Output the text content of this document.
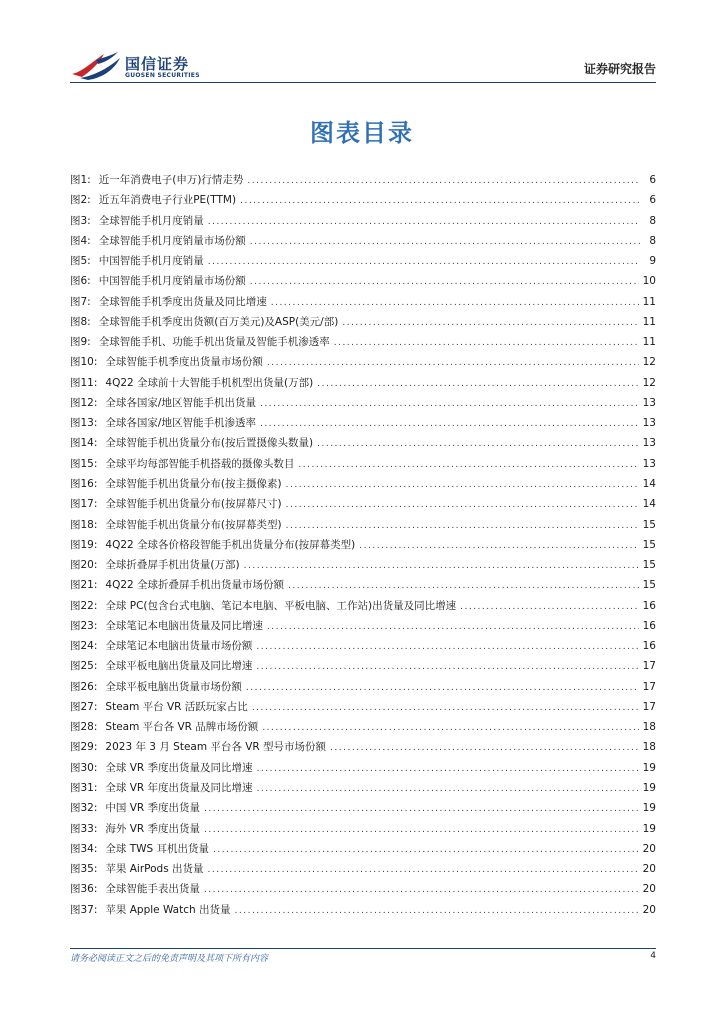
国信证券
GUOSEN SECURITIES	证券研究报告
图表目录
图1: 近一年消费电子(申万)行情走势 .....	6
图2: 近五年消费电子行业PE(TTM) .....	6
图3: 全球智能手机月度销量 .....	8
图4: 全球智能手机月度销量市场份额 .....	8
图5: 中国智能手机月度销量 .....	9
图6: 中国智能手机月度销量市场份额 .....	10
图7: 全球智能手机季度出货量及同比增速 .....	11
图8: 全球智能手机季度出货额(百万美元)及ASP(美元/部) .....	11
图9: 全球智能手机、功能手机出货量及智能手机渗透率 .....	11
图10: 全球智能手机季度出货量市场份额 .....	12
图11: 4Q22 全球前十大智能手机机型出货量(万部) .....	12
图12: 全球各国家/地区智能手机出货量 .....	13
图13: 全球各国家/地区智能手机渗透率 .....	13
图14: 全球智能手机出货量分布(按后置摄像头数量) .....	13
图15: 全球平均每部智能手机搭载的摄像头数目 .....	13
图16: 全球智能手机出货量分布(按主摄像素) .....	14
图17: 全球智能手机出货量分布(按屏幕尺寸) .....	14
图18: 全球智能手机出货量分布(按屏幕类型) .....	15
图19: 4Q22 全球各价格段智能手机出货量分布(按屏幕类型) .....	15
图20: 全球折叠屏手机出货量(万部) .....	15
图21: 4Q22 全球折叠屏手机出货量市场份额 .....	15
图22: 全球 PC(包含台式电脑、笔记本电脑、平板电脑、工作站)出货量及同比增速 .....	16
图23: 全球笔记本电脑出货量及同比增速 .....	16
图24: 全球笔记本电脑出货量市场份额 .....	16
图25: 全球平板电脑出货量及同比增速 .....	17
图26: 全球平板电脑出货量市场份额 .....	17
图27: Steam 平台 VR 活跃玩家占比 .....	17
图28: Steam 平台各 VR 品牌市场份额 .....	18
图29: 2023 年 3 月 Steam 平台各 VR 型号市场份额 .....	18
图30: 全球 VR 季度出货量及同比增速 .....	19
图31: 全球 VR 年度出货量及同比增速 .....	19
图32: 中国 VR 季度出货量 .....	19
图33: 海外 VR 季度出货量 .....	19
图34: 全球 TWS 耳机出货量 .....	20
图35: 苹果 AirPods 出货量 .....	20
图36: 全球智能手表出货量 .....	20
图37: 苹果 Apple Watch 出货量 .....	20
请务必阅读正文之后的免责声明及其项下所有内容	4
